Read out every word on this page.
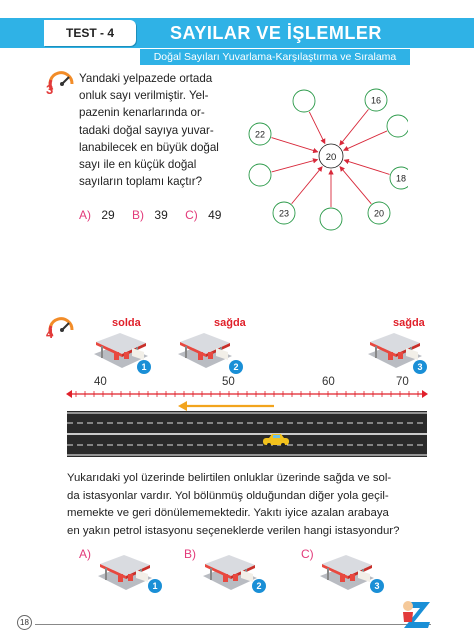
TEST - 4	SAYILAR VE İŞLEMLER
Doğal Sayıları Yuvarlama-Karşılaştırma ve Sıralama
3
Yandaki yelpazede ortada
onluk sayı verilmiştir. Yel-
pazenin kenarlarında or-
tadaki doğal sayıya yuvar-
lanabilecek en büyük doğal
sayı ile en küçük doğal
sayıların toplamı kaçtır?
A) 29 B) 39 C) 49
16
18
20
23
22
20
4
solda	sağda	sağda
1	2	3
40	50	60	70
Yukarıdaki yol üzerinde belirtilen onluklar üzerinde sağda ve sol-
da istasyonlar vardır. Yol bölünmüş olduğundan diğer yola geçil-
memekte ve geri dönülememektedir. Yakıtı iyice azalan arabaya
en yakın petrol istasyonu seçeneklerde verilen hangi istasyondur?
A)
1
B)
2
C)
3
18
